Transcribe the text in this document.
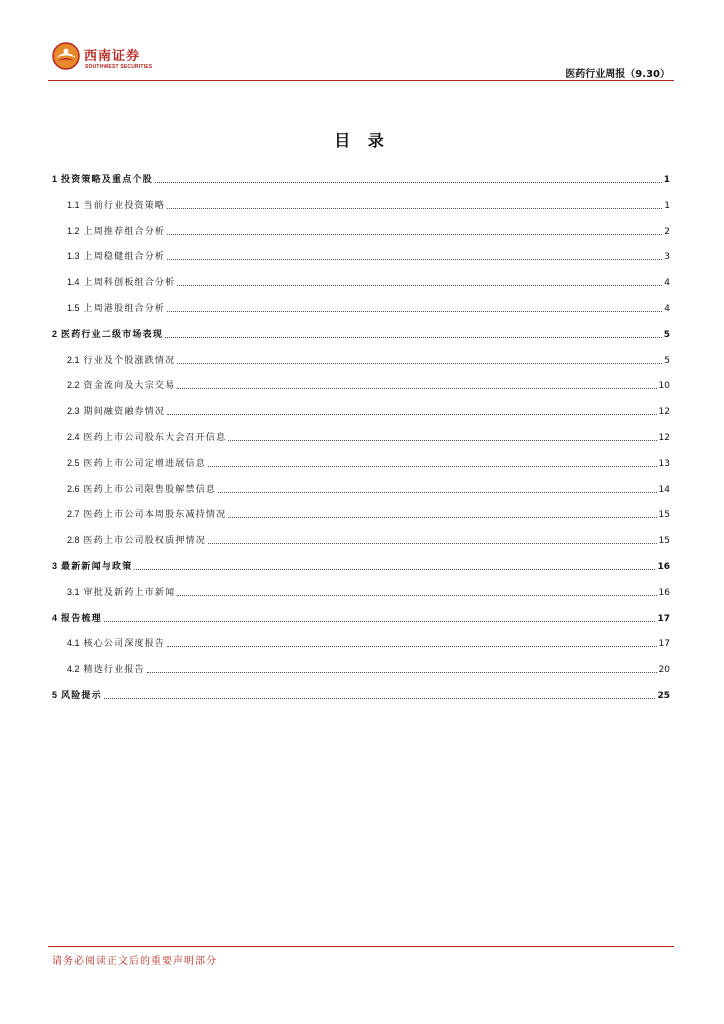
西南证券
SOUTHWEST SECURITIES
医药行业周报（9.30）
目 录
1 投资策略及重点个股	1
1.1 当前行业投资策略	1
1.2 上周推荐组合分析	2
1.3 上周稳健组合分析	3
1.4 上周科创板组合分析	4
1.5 上周港股组合分析	4
2 医药行业二级市场表现	5
2.1 行业及个股涨跌情况	5
2.2 资金流向及大宗交易	10
2.3 期间融资融券情况	12
2.4 医药上市公司股东大会召开信息	12
2.5 医药上市公司定增进展信息	13
2.6 医药上市公司限售股解禁信息	14
2.7 医药上市公司本周股东减持情况	15
2.8 医药上市公司股权质押情况	15
3 最新新闻与政策	16
3.1 审批及新药上市新闻	16
4 报告梳理	17
4.1 核心公司深度报告	17
4.2 精选行业报告	20
5 风险提示	25
请务必阅读正文后的重要声明部分
